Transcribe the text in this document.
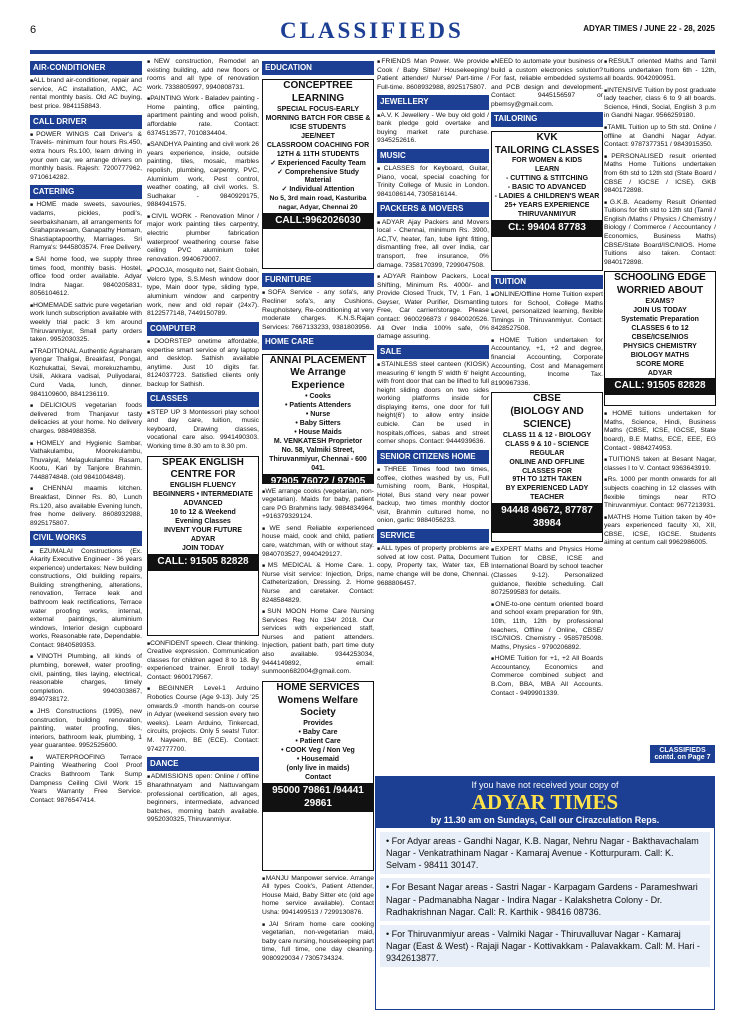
6	CLASSIFIEDS	ADYAR TIMES / JUNE 22 - 28, 2025
AIR-CONDITIONER
■ ALL brand air-conditioner, repair and service, AC installation, AMC, AC rental monthly basis. Old AC buying, best price. 9841158843.
CALL DRIVER
■ POWER WINGS Call Driver's & Travels- minimum four hours Rs.450, extra hours Rs.100, learn driving in your own car, we arrange drivers on monthly basis. Rajesh: 7200777962, 9710614282.
CATERING
■ HOME made sweets, savouries, vadams, pickles, podi's, seerbakshanam, all arrangements for Grahapravesam, Ganapathy Homam, Shastiaptapoorthy, Marriages. Sri Ramya's: 9445803574. Free Delivery.
■ SAI home food, we supply three times food, monthly basis. Hostel, office food order available. Adyar Indra Nagar. 9840205831, 8056104612.
■ HOMEMADE sattvic pure vegetarian work lunch subscription available with weekly trial pack: 3 km around Thiruvanmiyur, Small party orders taken. 9952030325.
■ TRADITIONAL Authentic Agraharam Iyengar Thaligai, Breakfast, Pongal, Kozhukattai, Sevai, morekuzhambu, Usili, Akkara vadisal, Puliyodarai, Curd Vada, lunch, dinner. 9841109600, 8841236119.
■ DELICIOUS vegetarian foods delivered from Thanjavur tasty delicacies at your home. No delivery charges. 9884988358.
■ HOMELY and Hygienic Sambar, Vathakulambu, Moorekulambu, Thuvaiyal, Melagukulambu Rasam, Kootu, Kari by Tanjore Brahmin. 7448874848. (old 9841004848).
■ CHENNAI maamis kitchen. Breakfast, Dinner Rs. 80, Lunch Rs.120, also available Evening lunch, free home delivery. 8608932988, 8925175807.
CIVIL WORKS
■ EZUMALAI Constructions (Ex. Akarity Executive Engineer - 36 years experience) undertakes: New building constructions, Old building repairs, Building strengthening, alterations, renovation, Terrace leak and bathroom leak rectifications, Terrace water proofing works, internal, external paintings, aluminium windows, Interior design cupboard works, Reasonable rate, Dependable. Contact: 9840589353.
■ VINOTH Plumbing, all kinds of plumbing, borewell, water proofing, civil, painting, tiles laying, electrical, reasonable charges, timely completion. 9940303867, 8940738172.
■ JHS Constructions (1995), new construction, building renovation, painting, water proofing, tiles, interiors, bathroom leak, plumbing, 1 year guarantee. 9952525600.
■ WATERPROOFING Terrace Painting Weathering Cool Proof Cracks Bathroom Tank Sump Dampness Ceiling Civil Work 15 Years Warranty Free Service. Contact: 9876547414.
■ NEW construction, Remodel an existing building, add new floors or rooms and all type of renovation work. 7338805997, 9940808731.
■ PAINTING Work - Baladev painting - Home painting, office painting, apartment painting and wood polish, affordable rate. Contact: 6374513577, 7010834404.
■ SANDHYA Painting and civil work 26 years experience, inside, outside painting, tiles, mosaic, marbles repolish, plumbing, carpentry, PVC, Aluminium work, Pest control, weather coating, all civil works. S. Sudhakar - 9840929175, 9884941575.
■ CIVIL WORK - Renovation Minor / major work painting tiles carpentry, electric plumber fabrication waterproof weathering course false ceiling PVC aluminium toilet renovation. 9940679007.
■ POOJA, mosquito net, Saint Gobain, Velcro type, S.S.Mesh window door type, Main door type, sliding type, aluminium window and carpentry work, new and old repair (24x7). 8122577148, 7449150789.
COMPUTER
■ DOORSTEP onetime affordable, expertise smart service of any laptop and desktop. Sathish available anytime. Just 10 digits far. 8124037723. Satisfied clients only backup for Sathish.
CLASSES
■ STEP UP 3 Montessori play school and day care, tuition, music keyboard, Drawing classes, vocational care also. 9941490303. Working time 8.30 am to 8.30 pm.
SPEAK ENGLISH
CENTRE FOR
ENGLISH FLUENCY
BEGINNERS • INTERMEDIATE
ADVANCED
10 to 12 & Weekend
Evening Classes
INVENT YOUR FUTURE
ADYAR
JOIN TODAY
CALL: 91505 82828
■ CONFIDENT speech. Clear thinking. Creative expression. Communication classes for children aged 8 to 18. By experienced trainer. Enroll today! Contact: 9600179567.
■ BEGINNER Level-1 Arduino Robotics Course (Age 9-13). July '25 onwards.9 -month hands-on course in Adyar (weekend session every two weeks). Learn Arduino, Tinkercad, circuits, projects. Only 5 seats! Tutor: M. Nayeem, BE (ECE). Contact: 9742777700.
DANCE
■ ADMISSIONS open: Online / offline Bharathnatyam and Nattuvangam professional certification, all ages, beginners, intermediate, advanced batches, morning batch available. 9952030325, Thiruvanmiyur.
EDUCATION
CONCEPTREE
LEARNING
SPECIAL FOCUS-EARLY MORNING BATCH FOR CBSE & ICSE STUDENTS
JEE/NEET
CLASSROOM COACHING FOR
12TH & 11TH STUDENTS
✓ Experienced Faculty Team
✓ Comprehensive Study Material
✓ Individual Attention
No 5, 3rd main road, Kasturiba nagar, Adyar, Chennai 20
CALL:9962026030
FURNITURE
■ SOFA Service - any sofa's, any Recliner sofa's, any Cushions, Reupholstery, Re-conditioning at very moderate charges. K.N.S.Rajan Services: 7667133233, 9381803956.
HOME CARE
ANNAI PLACEMENT
We Arrange Experience
• Cooks
• Patients Attenders
• Nurse
• Baby Sitters
• House Maids
M. VENKATESH Proprietor
No. 58, Valmiki Street, Thiruvanmiyur, Chennai - 600 041.
97905 76072 / 97905
■ WE arrange cooks (vegetarian, non-vegetarian). Maids for baby, patient care PG Brahmins lady. 9884834964, +916379329124.
■ WE send Reliable experienced house maid, cook and child, patient care, watchman, with or without stay. 9840703527, 9940429127.
■ MS MEDICAL & Home Care. 1. Nurse visit service: Injection, Drips, Catheterization, Dressing. 2. Home Nurse and caretaker. Contact: 8248584829.
■ SUN MOON Home Care Nursing Services Reg No 134/ 2018. Our services with experienced staff, Nurses and patient attenders. Injection, patient bath, part time duty also available. 9344253034, 9444149892, email: sunmoon682004@gmail.com.
HOME SERVICES
Womens Welfare Society
Provides
• Baby Care
• Patient Care
• COOK Veg / Non Veg
• Housemaid
(only live in maids)
Contact
95000 79861 /94441 29861
■ MANJU Manpower service. Arrange All types Cook's, Patient Attender, House Maid, Baby Sitter etc (old age home service available). Contact Usha: 9941499513 / 7299130876.
■ JAI Sriram home care cooking vegetarian, non-vegetarian maid, baby care nursing, housekeeping part time, full time, one day cleaning. 9080929034 / 7305734324.
■ FRIENDS Man Power. We provide Cook / Baby Sitter/ Housekeeping/ Patient attender/ Nurse/ Part-time / Full-time. 8608932988, 8925175807.
JEWELLERY
■ A.V. K Jewellery - We buy old gold / bank pledge gold overtake and buying market rate purchase. 9345252616.
MUSIC
■ CLASSES for Keyboard, Guitar, Piano, vocal, special coaching for Trinity College of Music in London. 9841086144, 7305816144.
PACKERS & MOVERS
■ ADYAR Ajay Packers and Movers local - Chennai, minimum Rs. 3900, AC,TV, heater, fan, tube light fitting, dismantling free, all over India, car transport, free insurance, 0% damage. 7358170399, 7299047508.
■ ADYAR Rainbow Packers, Local Shifting, Minimum Rs. 4000/- and Provide Closed Truck, TV, 1 Fan, 1 Geyser, Water Purifier, Dismantling Free, Car carrier/storage. Please contact: 9600296873 / 9840020526. All Over India 100% safe, 0% damage assuring.
SALE
■ STAINLESS steel canteen (KIOSK) measuring 6' length 5' width 6' height with front door that can be lifted to full height sliding doors on two sides working platforms inside for displaying items, one door for full height(6') to allow entry inside cubicle. Can be used in hospitals,offices, sabas and street corner shops. Contact: 9444939636.
SENIOR CITIZENS HOME
■ THREE Times food two times, coffee, clothes washed by us, Full furnishing room, Bank, Hospital, Hotel, Bus stand very near power backup, two times monthly doctor visit, Brahmin cultured home, no onion, garlic: 9884056233.
SERVICE
■ ALL types of property problems are solved at low cost. Patta, Document copy, Property tax, Water tax, EB name change will be done, Chennai. 9688806457.
■ NEED to automate your business or build a custom electronics solution? For fast, reliable embedded systems and PCB design and development. Contact: 9445156597 or pbemsy@gmail.com.
TAILORING
KVK
TAILORING CLASSES
FOR WOMEN & KIDS
LEARN
- CUTTING & STITCHING
- BASIC TO ADVANCED
- LADIES & CHILDREN'S WEAR
25+ YEARS EXPERIENCE
THIRUVANMIYUR
Ct.: 99404 87783
TUITION
■ ONLINE/Offline Home Tuition expert tutors for School, College Maths Level, personalized learning, flexible Timings in Thiruvanmiyur. Contact: 8428527508.
■ HOME Tuition undertaken for Accountancy, +1, +2 and degree, financial Accounting, Corporate Accounting, Cost and Management Accounting, Income Tax. 8190967336.
CBSE
(BIOLOGY AND SCIENCE)
CLASS 11 & 12 - BIOLOGY
CLASS 9 & 10 - SCIENCE
REGULAR
ONLINE AND OFFLINE
CLASSES FOR
9TH TO 12TH TAKEN
BY EXPERIENCED LADY TEACHER
94448 49672, 87787 38984
■ EXPERT Maths and Physics Home Tuition for CBSE, ICSE and International Board by school teacher (Classes 9-12). Personalized guidance, flexible scheduling. Call 8072599583 for details.
■ ONE-to-one centum oriented board and school exam preparation for 9th, 10th, 11th, 12th by professional teachers, Offline / Online, CBSE/ ISC/NIOS. Chemistry - 9585785098. Maths, Physics - 9790206892.
■ HOME Tuition for +1, +2 All Boards Accountancy, Economics and Commerce combined subject and B.Com, BBA, MBA All Accounts. Contact - 9499901339.
■ RESULT oriented Maths and Tamil tuitions undertaken from 6th - 12th, all boards. 9042090951.
■ INTENSIVE Tuition by post graduate lady teacher, class 6 to 9 all boards. Science, Hindi, Social, English 3 p.m in Gandhi Nagar. 9566259180.
■ TAMIL Tuition up to 5th std. Online / offline at Gandhi Nagar Adyar. Contact: 9787377351 / 9843915350.
■ PERSONALISED result oriented Maths Home Tuitions undertaken from 6th std to 12th std (State Board / CBSE / IGCSE / ICSE). GKB 9840172898.
■ G.K.B. Academy Result Oriented Tuitions for 6th std to 12th std (Tamil / English /Maths / Physics / Chemistry / Biology / Commerce / Accountancy / Economics, Business Maths) CBSE/State Board/ISC/NIOS. Home Tuitions also taken. Contact: 9840172898.
SCHOOLING EDGE
WORRIED ABOUT
EXAMS?
JOIN US TODAY
Systematic Preparation
CLASSES 6 to 12
CBSE/ICSE/NIOS
PHYSICS CHEMISTRY
BIOLOGY MATHS
SCORE MORE
ADYAR
CALL: 91505 82828
■ HOME tuitions undertaken for Maths, Science, Hindi, Business Maths (CBSE, ICSE, IGCSE, State board), B.E Maths, ECE, EEE, EG Contact - 9884274953.
■ TUITIONS taken at Besant Nagar, classes I to V. Contact 9363643919.
■ Rs. 1000 per month onwards for all subjects coaching in 12 classes with flexible timings near RTO Thiruvanmiyur. Contact: 9677213931.
■ MATHS Home Tuition taken by 40+ years experienced faculty XI, XII, CBSE, ICSE, IGCSE. Students aiming at centum call 9962986005.
CLASSIFIEDS contd. on Page 7
If you have not received your copy of
ADYAR TIMES
by 11.30 am on Sundays, Call our Cirazculation Reps.
• For Adyar areas - Gandhi Nagar, K.B. Nagar, Nehru Nagar - Bakthavachalam Nagar - Venkatrathinam Nagar - Kamaraj Avenue - Kotturpuram. Call: K. Selvam - 98411 30147.
• For Besant Nagar areas - Sastri Nagar - Karpagam Gardens - Parameshwari Nagar - Padmanabha Nagar - Indira Nagar - Kalakshetra Colony - Dr. Radhakrishnan Nagar. Call: R. Karthik - 98416 08736.
• For Thiruvanmiyur areas - Valmiki Nagar - Thiruvalluvar Nagar - Kamaraj Nagar (East & West) - Rajaji Nagar - Kottivakkam - Palavakkam. Call: M. Hari - 9342613877.
